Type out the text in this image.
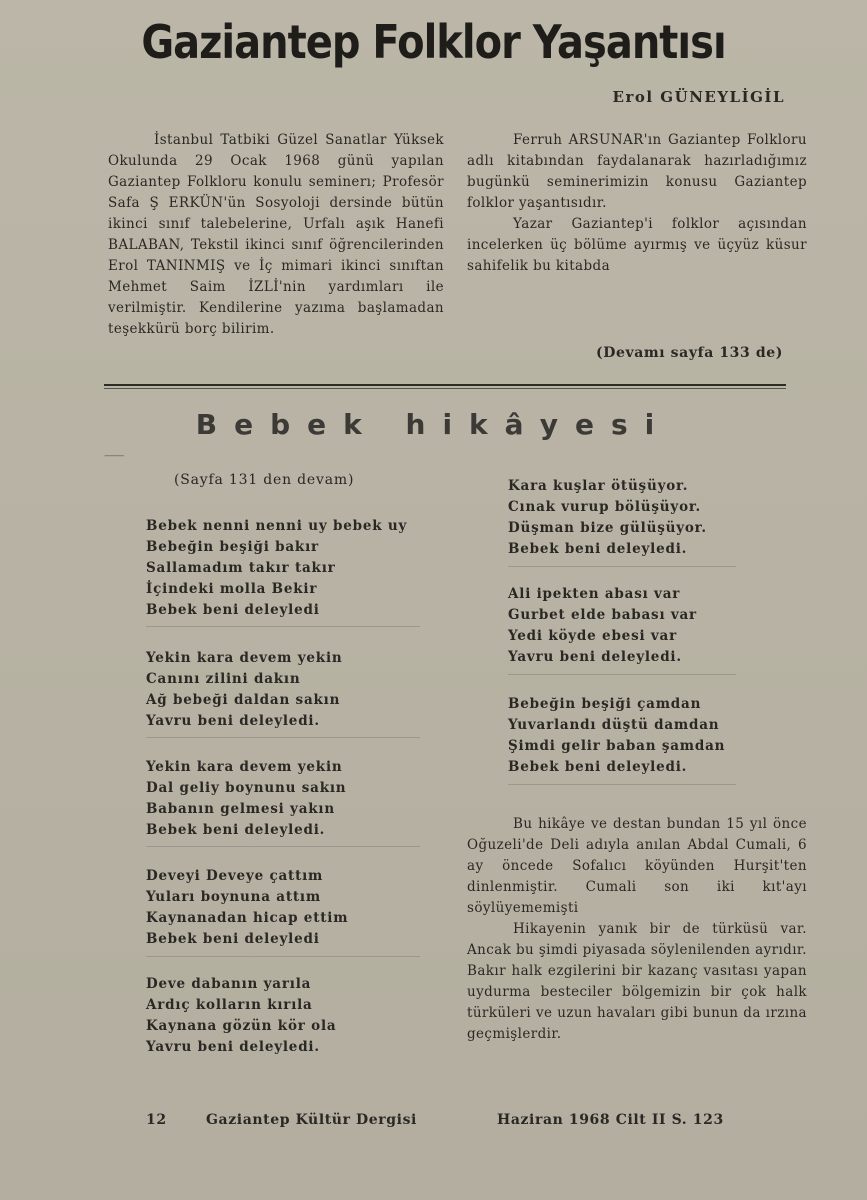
Gaziantep Folklor Yaşantısı
Erol GÜNEYLİGİL

İstanbul Tatbiki Güzel Sanatlar Yüksek Okulunda 29 Ocak 1968 günü yapılan Gaziantep Folkloru konulu seminerı; Profesör Safa Ş ERKÜN'ün Sosyoloji dersinde bütün ikinci sınıf talebelerine, Urfalı aşık Hanefi BALABAN, Tekstil ikinci sınıf öğrencilerinden Erol TANINMIŞ ve İç mimari ikinci sınıftan Mehmet Saim İZLİ'nin yardımları ile verilmiştir. Kendilerine yazıma başlamadan teşekkürü borç bilirim.

Ferruh ARSUNAR'ın Gaziantep Folkloru adlı kitabından faydalanarak hazırladığımız bugünkü seminerimizin konusu Gaziantep folklor yaşantısıdır.

Yazar Gaziantep'i folklor açısından incelerken üç bölüme ayırmış ve üçyüz küsur sahifelik bu kitabda

(Devamı sayfa 133 de)
Bebek hikâyesi
⸺
(Sayfa 131 den devam)
Bebek nenni nenni uy bebek uy
Bebeğin beşiği bakır
Sallamadım takır takır
İçindeki molla Bekir
Bebek beni deleyledi
Yekin kara devem yekin
Canını zilini dakın
Ağ bebeği daldan sakın
Yavru beni deleyledi.
Yekin kara devem yekin
Dal geliy boynunu sakın
Babanın gelmesi yakın
Bebek beni deleyledi.
Deveyi Deveye çattım
Yuları boynuna attım
Kaynanadan hicap ettim
Bebek beni deleyledi
Deve dabanın yarıla
Ardıç kolların kırıla
Kaynana gözün kör ola
Yavru beni deleyledi.
Kara kuşlar ötüşüyor.
Cınak vurup bölüşüyor.
Düşman bize gülüşüyor.
Bebek beni deleyledi.
Ali ipekten abası var
Gurbet elde babası var
Yedi köyde ebesi var
Yavru beni deleyledi.
Bebeğin beşiği çamdan
Yuvarlandı düştü damdan
Şimdi gelir baban şamdan
Bebek beni deleyledi.

Bu hikâye ve destan bundan 15 yıl önce Oğuzeli'de Deli adıyla anılan Abdal Cumali, 6 ay öncede Sofalıcı köyünden Hurşit'ten dinlenmiştir. Cumali son iki kıt'ayı söylüyememişti

Hikayenin yanık bir de türküsü var. Ancak bu şimdi piyasada söylenilenden ayrıdır. Bakır halk ezgilerini bir kazanç vasıtası yapan uydurma besteciler bölgemizin bir çok halk türküleri ve uzun havaları gibi bunun da ırzına geçmişlerdir.

12	Gaziantep Kültür Dergisi	Haziran 1968 Cilt II S. 123
